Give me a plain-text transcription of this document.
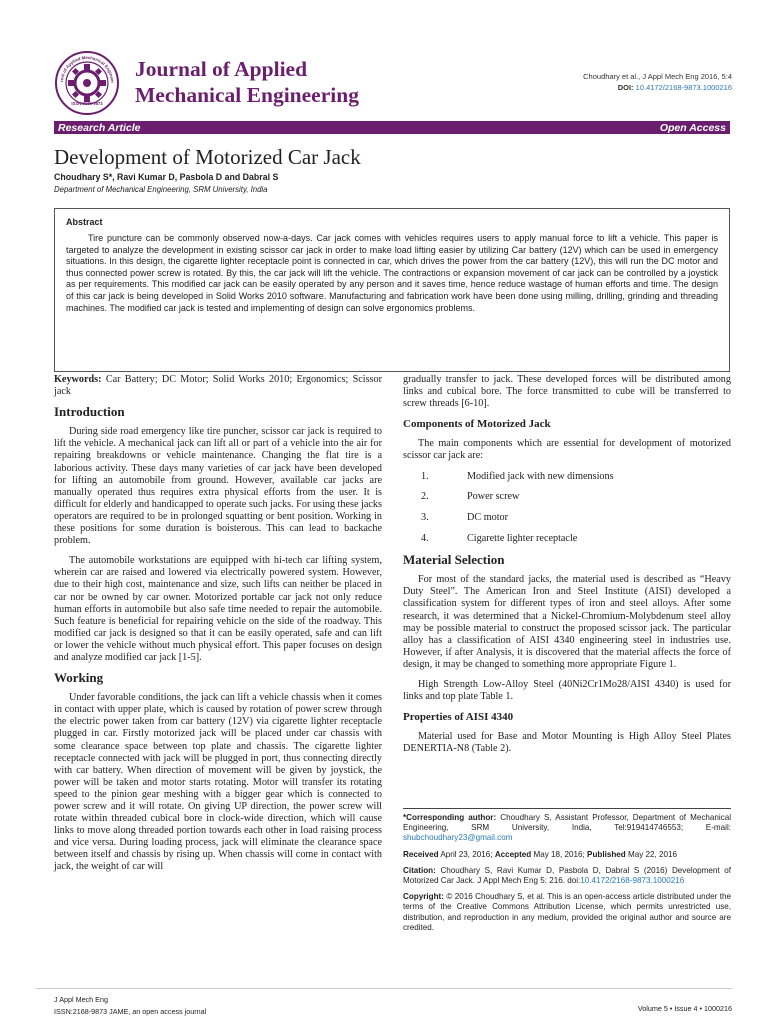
rnal of Applied Mechanical Engineer
ISSN:2168-9873
Journal of Applied
Mechanical Engineering
Choudhary et al., J Appl Mech Eng 2016, 5:4
DOI: 10.4172/2168-9873.1000216
Research Article	Open Access
Development of Motorized Car Jack
Choudhary S*, Ravi Kumar D, Pasbola D and Dabral S
Department of Mechanical Engineering, SRM University, India
Abstract

Tire puncture can be commonly observed now-a-days. Car jack comes with vehicles requires users to apply manual force to lift a vehicle. This paper is targeted to analyze the development in existing scissor car jack in order to make load lifting easier by utilizing Car battery (12V) which can be used in emergency situations. In this design, the cigarette lighter receptacle point is connected in car, which drives the power from the car battery (12V), this will run the DC motor and thus connected power screw is rotated. By this, the car jack will lift the vehicle. The contractions or expansion movement of car jack can be controlled by a joystick as per requirements. This modified car jack can be easily operated by any person and it saves time, hence reduce wastage of human efforts and time. The design of this car jack is being developed in Solid Works 2010 software. Manufacturing and fabrication work have been done using milling, drilling, grinding and threading machines. The modified car jack is tested and implementing of design can solve ergonomics problems.

Keywords: Car Battery; DC Motor; Solid Works 2010; Ergonomics; Scissor jack

Introduction

During side road emergency like tire puncher, scissor car jack is required to lift the vehicle. A mechanical jack can lift all or part of a vehicle into the air for repairing breakdowns or vehicle maintenance. Changing the flat tire is a laborious activity. These days many varieties of car jack have been developed for lifting an automobile from ground. However, available car jacks are manually operated thus requires extra physical efforts from the user. It is difficult for elderly and handicapped to operate such jacks. For using these jacks operators are required to be in prolonged squatting or bent position. Working in these positions for some duration is boisterous. This can lead to backache problem.

The automobile workstations are equipped with hi-tech car lifting system, wherein car are raised and lowered via electrically powered system. However, due to their high cost, maintenance and size, such lifts can neither be placed in car nor be owned by car owner. Motorized portable car jack not only reduce human efforts in automobile but also safe time needed to repair the automobile. Such feature is beneficial for repairing vehicle on the side of the roadway. This modified car jack is designed so that it can be easily operated, safe and can lift or lower the vehicle without much physical effort. This paper focuses on design and analyze modified car jack [1-5].

Working

Under favorable conditions, the jack can lift a vehicle chassis when it comes in contact with upper plate, which is caused by rotation of power screw through the electric power taken from car battery (12V) via cigarette lighter receptacle plugged in car. Firstly motorized jack will be placed under car chassis with some clearance space between top plate and chassis. The cigarette lighter receptacle connected with jack will be plugged in port, thus connecting directly with car battery. When direction of movement will be given by joystick, the power will be taken and motor starts rotating. Motor will transfer its rotating speed to the pinion gear meshing with a bigger gear which is connected to power screw and it will rotate. On giving UP direction, the power screw will rotate within threaded cubical bore in clock-wide direction, which will cause links to move along threaded portion towards each other in load raising process and vice versa. During loading process, jack will eliminate the clearance space between itself and chassis by rising up. When chassis will come in contact with jack, the weight of car will

gradually transfer to jack. These developed forces will be distributed among links and cubical bore. The force transmitted to cube will be transferred to screw threads [6-10].

Components of Motorized Jack

The main components which are essential for development of motorized scissor car jack are:

1.	Modified jack with new dimensions
2.	Power screw
3.	DC motor
4.	Cigarette lighter receptacle
Material Selection

For most of the standard jacks, the material used is described as “Heavy Duty Steel”. The American Iron and Steel Institute (AISI) developed a classification system for different types of iron and steel alloys. After some research, it was determined that a Nickel-Chromium-Molybdenum steel alloy may be possible material to construct the proposed scissor jack. The particular alloy has a classification of AISI 4340 engineering steel in industries use. However, if after Analysis, it is discovered that the material affects the force of design, it may be changed to something more appropriate Figure 1.

High Strength Low-Alloy Steel (40Ni2Cr1Mo28/AISI 4340) is used for links and top plate Table 1.

Properties of AISI 4340

Material used for Base and Motor Mounting is High Alloy Steel Plates DENERTIA-N8 (Table 2).

*Corresponding author: Choudhary S, Assistant Professor, Department of Mechanical Engineering, SRM University, India, Tel:919414746553; E-mail: shubchoudhary23@gmail.com

Received April 23, 2016; Accepted May 18, 2016; Published May 22, 2016

Citation: Choudhary S, Ravi Kumar D, Pasbola D, Dabral S (2016) Development of Motorized Car Jack. J Appl Mech Eng 5: 216. doi:10.4172/2168-9873.1000216

Copyright: © 2016 Choudhary S, et al. This is an open-access article distributed under the terms of the Creative Commons Attribution License, which permits unrestricted use, distribution, and reproduction in any medium, provided the original author and source are credited.

J Appl Mech Eng
ISSN:2168-9873 JAME, an open access journal	Volume 5 • Issue 4 • 1000216
